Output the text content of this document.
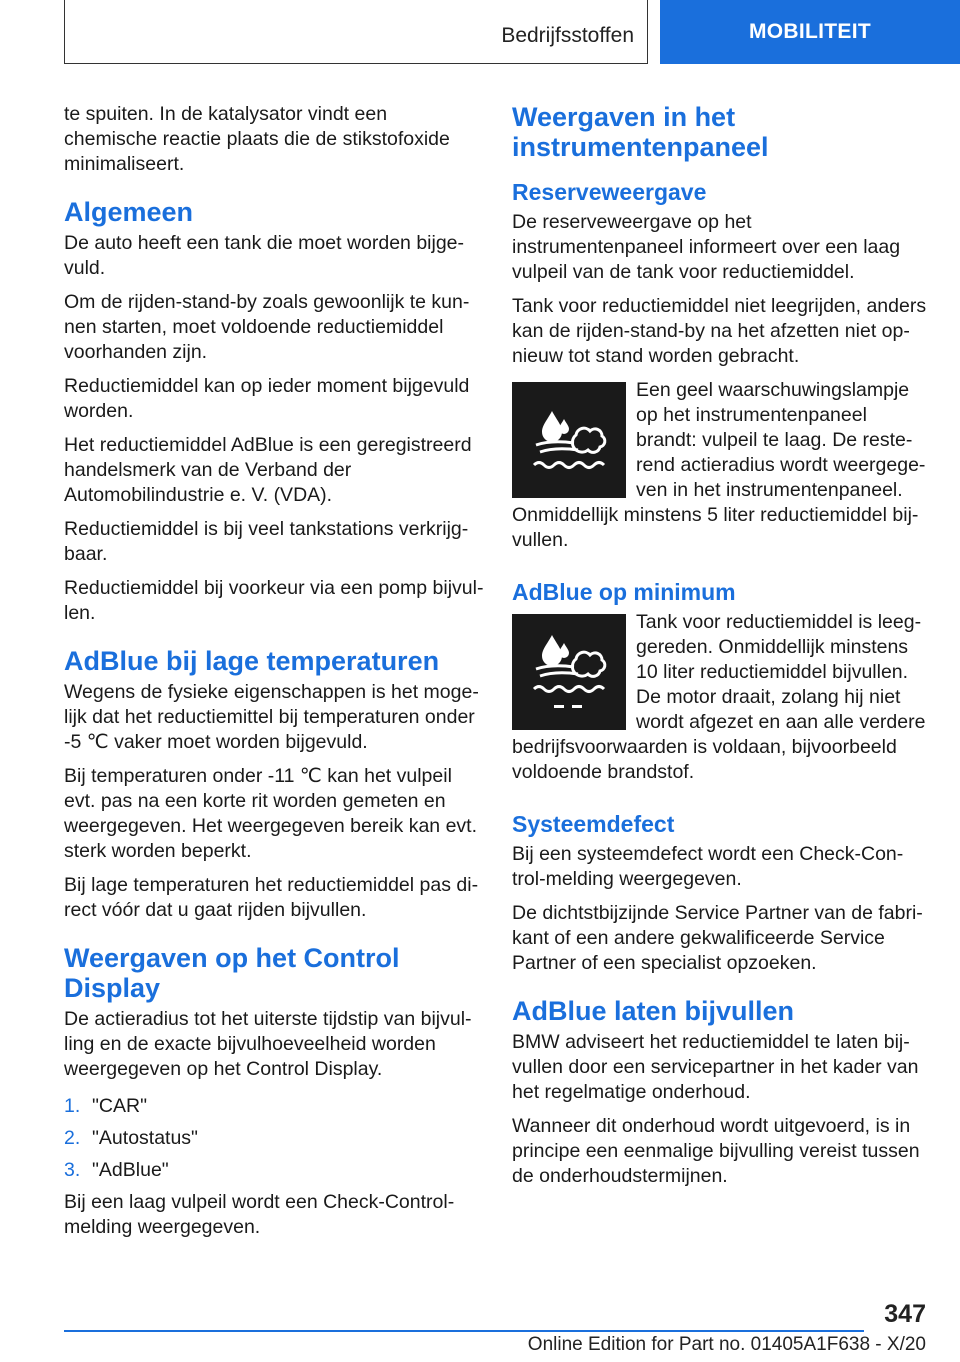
Bedrijfsstoffen	MOBILITEIT

te spuiten. In de katalysator vindt een chemische reactie plaats die de stikstofoxide minimaliseert.

Algemeen

De auto heeft een tank die moet worden bijgevuld.

Om de rijden-stand-by zoals gewoonlijk te kunnen starten, moet voldoende reductiemiddel voorhanden zijn.

Reductiemiddel kan op ieder moment bijgevuld worden.

Het reductiemiddel AdBlue is een geregistreerd handelsmerk van de Verband der Automobilindustrie e. V. (VDA).

Reductiemiddel is bij veel tankstations verkrijgbaar.

Reductiemiddel bij voorkeur via een pomp bijvullen.

AdBlue bij lage temperaturen

Wegens de fysieke eigenschappen is het mogelijk dat het reductiemittel bij temperaturen onder -5 ℃ vaker moet worden bijgevuld.

Bij temperaturen onder -11 ℃ kan het vulpeil evt. pas na een korte rit worden gemeten en weergegeven. Het weergegeven bereik kan evt. sterk worden beperkt.

Bij lage temperaturen het reductiemiddel pas direct vóór dat u gaat rijden bijvullen.

Weergaven op het Control Display

De actieradius tot het uiterste tijdstip van bijvulling en de exacte bijvulhoeveelheid worden weergegeven op het Control Display.

1. "CAR"
2. "Autostatus"
3. "AdBlue"

Bij een laag vulpeil wordt een Check-Control-melding weergegeven.

Weergaven in het instrumentenpaneel
Reserveweergave

De reserveweergave op het instrumentenpaneel informeert over een laag vulpeil van de tank voor reductiemiddel.

Tank voor reductiemiddel niet leegrijden, anders kan de rijden-stand-by na het afzetten niet opnieuw tot stand worden gebracht.

Een geel waarschuwingslampje op het instrumentenpaneel brandt: vulpeil te laag. De resterend actieradius wordt weergegeven in het instrumentenpaneel. Onmiddellijk minstens 5 liter reductiemiddel bijvullen.

AdBlue op minimum

Tank voor reductiemiddel is leeggereden. Onmiddellijk minstens 10 liter reductiemiddel bijvullen. De motor draait, zolang hij niet wordt afgezet en aan alle verdere bedrijfsvoorwaarden is voldaan, bijvoorbeeld voldoende brandstof.

Systeemdefect

Bij een systeemdefect wordt een Check-Control-melding weergegeven.

De dichtstbijzijnde Service Partner van de fabrikant of een andere gekwalificeerde Service Partner of een specialist opzoeken.

AdBlue laten bijvullen

BMW adviseert het reductiemiddel te laten bijvullen door een servicepartner in het kader van het regelmatige onderhoud.

Wanneer dit onderhoud wordt uitgevoerd, is in principe een eenmalige bijvulling vereist tussen de onderhoudstermijnen.

347
Online Edition for Part no. 01405A1F638 - X/20
